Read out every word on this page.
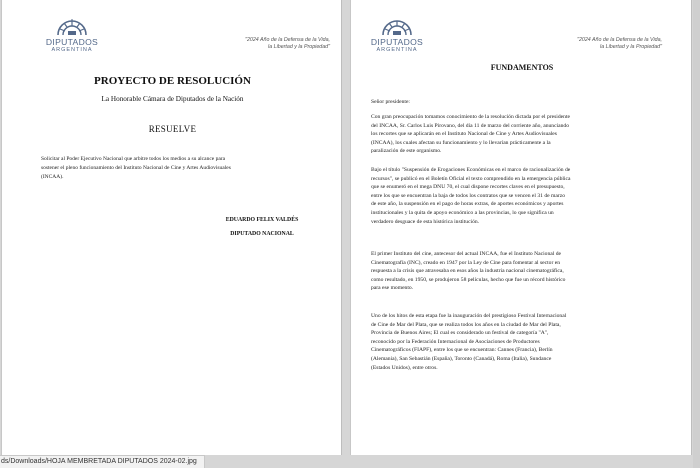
DIPUTADOS
ARGENTINA
"2024 Año de la Defensa de la Vida,
la Libertad y la Propiedad"
PROYECTO DE RESOLUCIÓN
La Honorable Cámara de Diputados de la Nación
RESUELVE
Solicitar al Poder Ejecutivo Nacional que arbitre todos los medios a su alcance para
sostener el pleno funcionamiento del Instituto Nacional de Cine y Artes Audiovisuales
(INCAA).
EDUARDO FELIX VALDÉS
DIPUTADO NACIONAL
DIPUTADOS
ARGENTINA
"2024 Año de la Defensa de la Vida,
la Libertad y la Propiedad"
FUNDAMENTOS
Señor presidente:
Con gran preocupación tomamos conocimiento de la resolución dictada por el presidente
del INCAA, Sr. Carlos Luis Pirovano, del día 11 de marzo del corriente año, anunciando
los recortes que se aplicarán en el Instituto Nacional de Cine y Artes Audiovisuales
(INCAA), los cuales afectan su funcionamiento y lo llevarían prácticamente a la
paralización de este organismo.
Bajo el título "Suspensión de Erogaciones Económicas en el marco de racionalización de
recursos", se publicó en el Boletín Oficial el texto comprendido en la emergencia pública
que se enumeró en el mega DNU 70, el cual dispone recortes claves en el presupuesto,
entre los que se encuentran la baja de todos los contratos que se vencen el 31 de marzo
de este año, la suspensión en el pago de horas extras, de aportes económicos y aportes
institucionales y la quita de apoyo económico a las provincias, lo que significa un
verdadero desguace de esta histórica institución.
El primer Instituto del cine, antecesor del actual INCAA, fue el Instituto Nacional de
Cinematografía (INC), creado en 1947 por la Ley de Cine para fomentar al sector en
respuesta a la crisis que atravesaba en esos años la industria nacional cinematográfica,
como resultado, en 1950, se produjeron 58 películas, hecho que fue un récord histórico
para ese momento.
Uno de los hitos de esta etapa fue la inauguración del prestigioso Festival Internacional
de Cine de Mar del Plata, que se realiza todos los años en la ciudad de Mar del Plata,
Provincia de Buenos Aires; El cual es considerado un festival de categoría "A",
reconocido por la Federación Internacional de Asociaciones de Productores
Cinematográficos (FIAPF), entre los que se encuentran: Cannes (Francia), Berlín
(Alemania), San Sebastián (España), Toronto (Canadá), Roma (Italia), Sundance
(Estados Unidos), entre otros.
ds/Downloads/HOJA MEMBRETADA DIPUTADOS 2024-02.jpg
